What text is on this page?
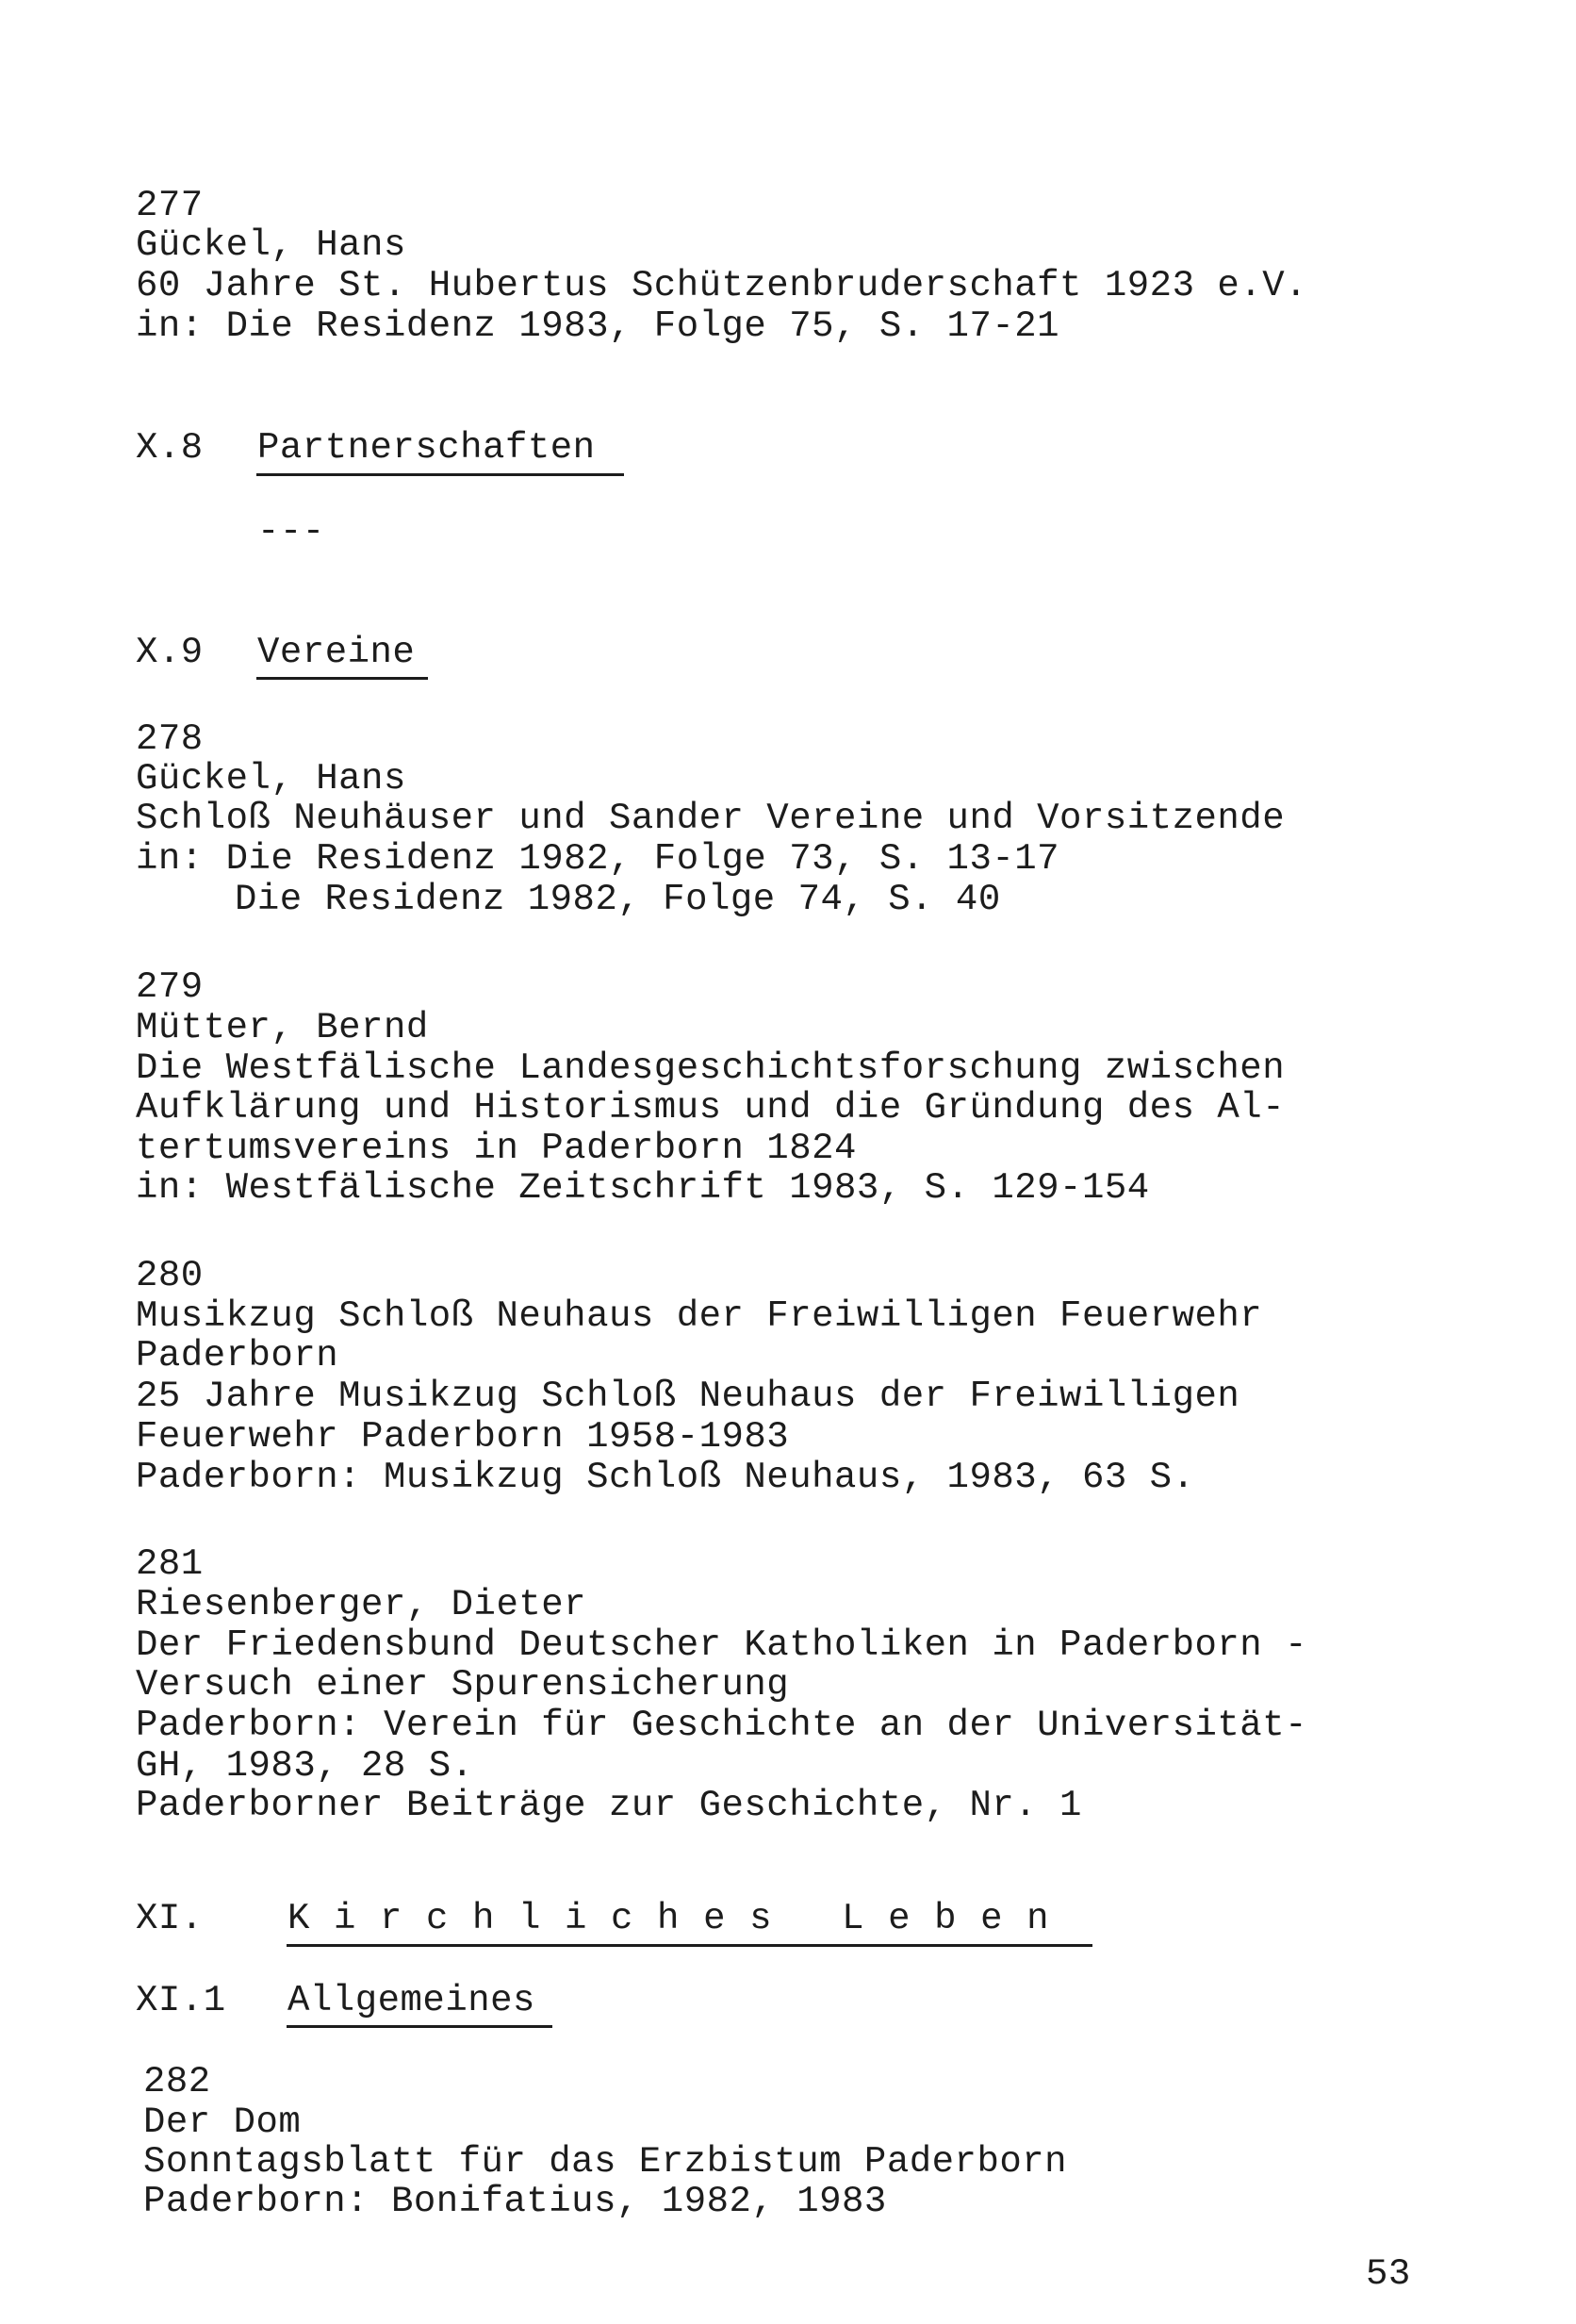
277
Gückel, Hans
60 Jahre St. Hubertus Schützenbruderschaft 1923 e.V.
in: Die Residenz 1983, Folge 75, S. 17-21
X.8 Partnerschaften
---
X.9 Vereine
278
Gückel, Hans
Schloß Neuhäuser und Sander Vereine und Vorsitzende
in: Die Residenz 1982, Folge 73, S. 13-17
Die Residenz 1982, Folge 74, S. 40
279
Mütter, Bernd
Die Westfälische Landesgeschichtsforschung zwischen
Aufklärung und Historismus und die Gründung des Al-
tertumsvereins in Paderborn 1824
in: Westfälische Zeitschrift 1983, S. 129-154
280
Musikzug Schloß Neuhaus der Freiwilligen Feuerwehr
Paderborn
25 Jahre Musikzug Schloß Neuhaus der Freiwilligen
Feuerwehr Paderborn 1958-1983
Paderborn: Musikzug Schloß Neuhaus, 1983, 63 S.
281
Riesenberger, Dieter
Der Friedensbund Deutscher Katholiken in Paderborn -
Versuch einer Spurensicherung
Paderborn: Verein für Geschichte an der Universität-
GH, 1983, 28 S.
Paderborner Beiträge zur Geschichte, Nr. 1
XI. K i r c h l i c h e s   L e b e n
XI.1 Allgemeines
282
Der Dom
Sonntagsblatt für das Erzbistum Paderborn
Paderborn: Bonifatius, 1982, 1983
53
